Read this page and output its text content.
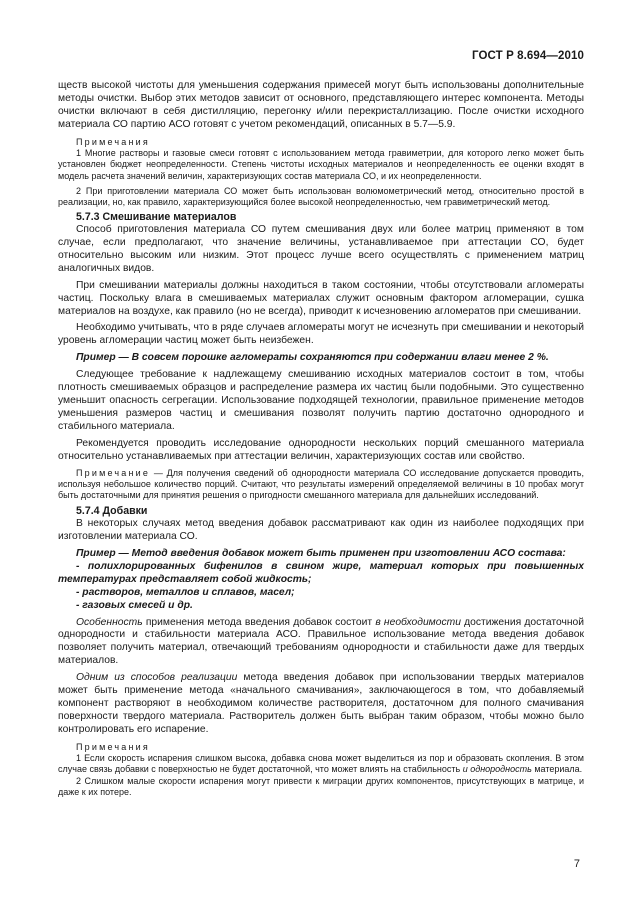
ГОСТ Р 8.694—2010

ществ высокой чистоты для уменьшения содержания примесей могут быть использованы дополнительные методы очистки. Выбор этих методов зависит от основного, представляющего интерес компонента. Методы очистки включают в себя дистилляцию, перегонку и/или перекристаллизацию. После очистки исходного материала СО партию АСО готовят с учетом рекомендаций, описанных в 5.7—5.9.

Примечания

1 Многие растворы и газовые смеси готовят с использованием метода гравиметрии, для которого легко может быть установлен бюджет неопределенности. Степень чистоты исходных материалов и неопределенность ее оценки входят в модель расчета значений величин, характеризующих состав материала СО, и их неопределенности.

2 При приготовлении материала СО может быть использован волюмометрический метод, относительно простой в реализации, но, как правило, характеризующийся более высокой неопределенностью, чем гравиметрический метод.

5.7.3 Смешивание материалов

Способ приготовления материала СО путем смешивания двух или более матриц применяют в том случае, если предполагают, что значение величины, устанавливаемое при аттестации СО, будет относительно высоким или низким. Этот процесс лучше всего осуществлять с применением матриц аналогичных видов.

При смешивании материалы должны находиться в таком состоянии, чтобы отсутствовали агломераты частиц. Поскольку влага в смешиваемых материалах служит основным фактором агломерации, сушка материалов на воздухе, как правило (но не всегда), приводит к исчезновению агломератов при смешивании.

Необходимо учитывать, что в ряде случаев агломераты могут не исчезнуть при смешивании и некоторый уровень агломерации частиц может быть неизбежен.

Пример — В совсем порошке агломераты сохраняются при содержании влаги менее 2 %.

Следующее требование к надлежащему смешиванию исходных материалов состоит в том, чтобы плотность смешиваемых образцов и распределение размера их частиц были подобными. Это существенно уменьшит опасность сегрегации. Использование подходящей технологии, правильное применение методов уменьшения размеров частиц и смешивания позволят получить партию достаточно однородного и стабильного материала.

Рекомендуется проводить исследование однородности нескольких порций смешанного материала относительно устанавливаемых при аттестации величин, характеризующих состав или свойство.

Примечание — Для получения сведений об однородности материала СО исследование допускается проводить, используя небольшое количество порций. Считают, что результаты измерений определяемой величины в 10 пробах могут быть достаточными для принятия решения о пригодности смешанного материала для дальнейших исследований.

5.7.4 Добавки

В некоторых случаях метод введения добавок рассматривают как один из наиболее подходящих при изготовлении материала СО.

Пример — Метод введения добавок может быть применен при изготовлении АСО состава:

- полихлорированных бифенилов в свином жире, материал которых при повышенных температурах представляет собой жидкость;

- растворов, металлов и сплавов, масел;

- газовых смесей и др.

Особенность применения метода введения добавок состоит в необходимости достижения достаточной однородности и стабильности материала АСО. Правильное использование метода введения добавок позволяет получить материал, отвечающий требованиям однородности и стабильности даже для твердых материалов.

Одним из способов реализации метода введения добавок при использовании твердых материалов может быть применение метода «начального смачивания», заключающегося в том, что добавляемый компонент растворяют в необходимом количестве растворителя, достаточном для полного смачивания поверхности твердого материала. Растворитель должен быть выбран таким образом, чтобы можно было контролировать его испарение.

Примечания

1 Если скорость испарения слишком высока, добавка снова может выделиться из пор и образовать скопления. В этом случае связь добавки с поверхностью не будет достаточной, что может влиять на стабильность и однородность материала.

2 Слишком малые скорости испарения могут привести к миграции других компонентов, присутствующих в матрице, и даже к их потере.

7
